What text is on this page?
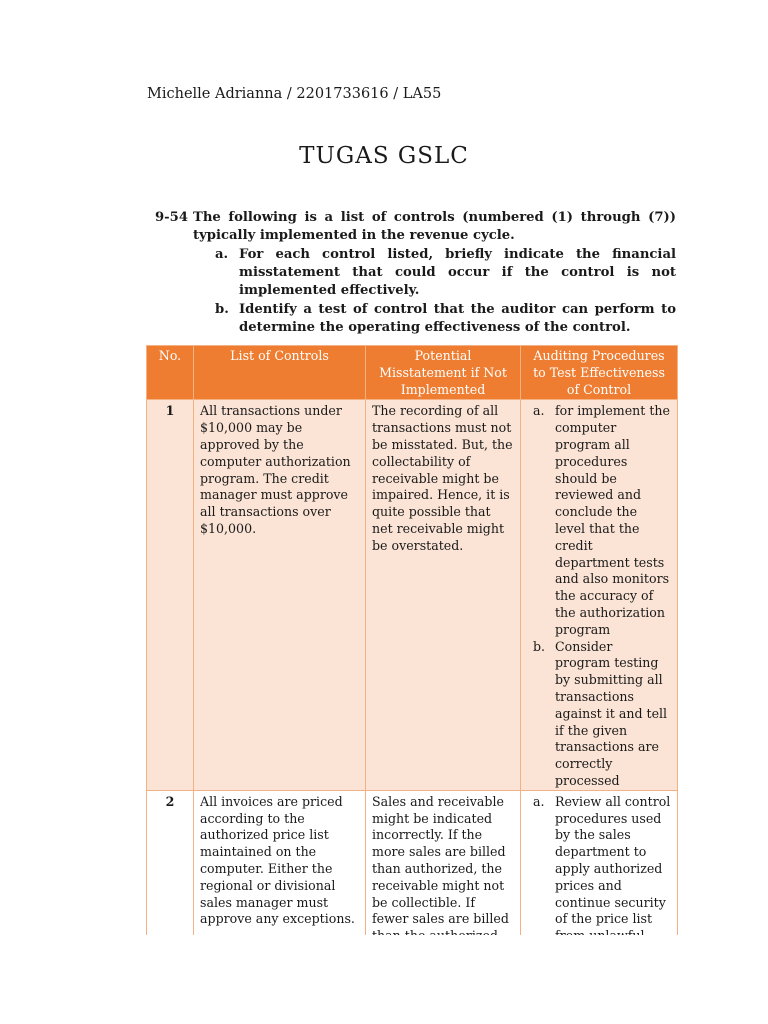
Michelle Adrianna / 2201733616 / LA55
TUGAS GSLC
9-54 The following is a list of controls (numbered (1) through (7)) typically implemented in the revenue cycle.
a. For each control listed, briefly indicate the financial misstatement that could occur if the control is not implemented effectively.
b. Identify a test of control that the auditor can perform to determine the operating effectiveness of the control.
No.	List of Controls	Potential Misstatement if Not Implemented	Auditing Procedures to Test Effectiveness of Control
1	All transactions under $10,000 may be approved by the computer authorization program. The credit manager must approve all transactions over $10,000.	The recording of all transactions must not be misstated. But, the collectability of receivable might be impaired. Hence, it is quite possible that net receivable might be overstated.	a. for implement the computer program all procedures should be reviewed and conclude the level that the credit department tests and also monitors the accuracy of the authorization program
b. Consider program testing by submitting all transactions against it and tell if the given transactions are correctly processed

2	All invoices are priced according to the authorized price list maintained on the computer. Either the regional or divisional sales manager must approve any exceptions.	Sales and receivable might be indicated incorrectly. If the more sales are billed than authorized, the receivable might not be collectible. If fewer sales are billed	a. Review all control procedures used by the sales department to apply authorized prices and continue security of the price list
